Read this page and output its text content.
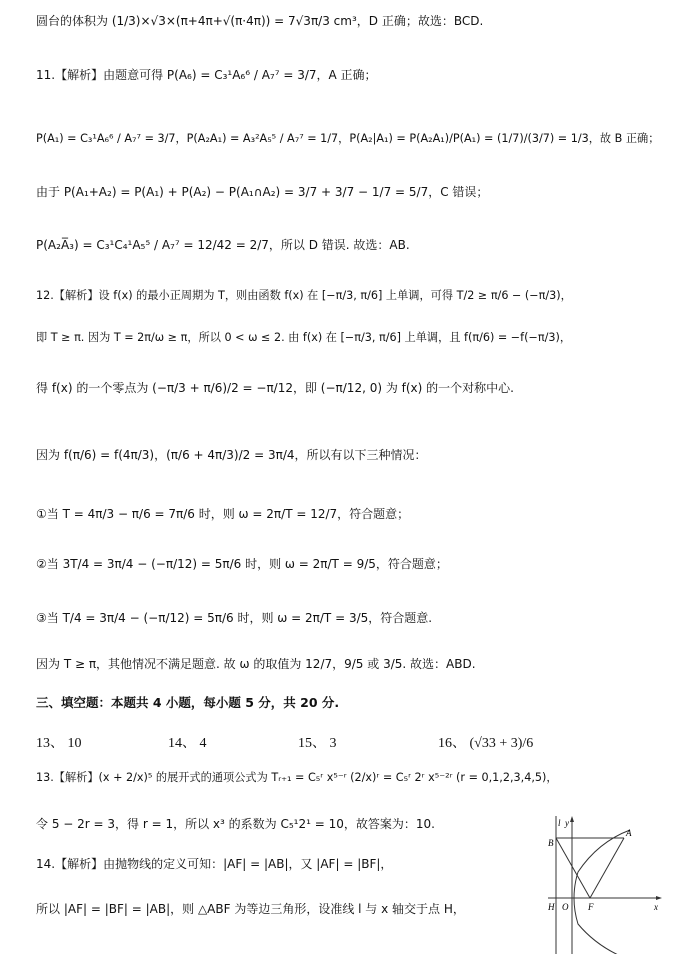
圆台的体积为 (1/3)×√3×(π+4π+√(π·4π)) = 7√3π/3 cm³，D 正确；故选：BCD.
11.【解析】由题意可得 P(A₆) = C₃¹A₆⁶ / A₇⁷ = 3/7，A 正确；
P(A₁) = C₃¹A₆⁶ / A₇⁷ = 3/7，P(A₂A₁) = A₃²A₅⁵ / A₇⁷ = 1/7，P(A₂|A₁) = P(A₂A₁)/P(A₁) = (1/7)/(3/7) = 1/3，故 B 正确；
由于 P(A₁+A₂) = P(A₁) + P(A₂) − P(A₁∩A₂) = 3/7 + 3/7 − 1/7 = 5/7，C 错误；
P(A₂A̅₃) = C₃¹C₄¹A₅⁵ / A₇⁷ = 12/42 = 2/7，所以 D 错误. 故选：AB.
12.【解析】设 f(x) 的最小正周期为 T，则由函数 f(x) 在 [−π/3, π/6] 上单调，可得 T/2 ≥ π/6 − (−π/3)，
即 T ≥ π. 因为 T = 2π/ω ≥ π，所以 0 < ω ≤ 2. 由 f(x) 在 [−π/3, π/6] 上单调，且 f(π/6) = −f(−π/3)，
得 f(x) 的一个零点为 (−π/3 + π/6)/2 = −π/12，即 (−π/12, 0) 为 f(x) 的一个对称中心.
因为 f(π/6) = f(4π/3)，(π/6 + 4π/3)/2 = 3π/4，所以有以下三种情况：
①当 T = 4π/3 − π/6 = 7π/6 时，则 ω = 2π/T = 12/7，符合题意；
②当 3T/4 = 3π/4 − (−π/12) = 5π/6 时，则 ω = 2π/T = 9/5，符合题意；
③当 T/4 = 3π/4 − (−π/12) = 5π/6 时，则 ω = 2π/T = 3/5，符合题意.
因为 T ≥ π，其他情况不满足题意. 故 ω 的取值为 12/7，9/5 或 3/5. 故选：ABD.
三、填空题：本题共 4 小题，每小题 5 分，共 20 分.
13、 10	14、 4	15、 3	16、 (√33 + 3)/6
13.【解析】(x + 2/x)⁵ 的展开式的通项公式为 Tᵣ₊₁ = C₅ʳ x⁵⁻ʳ (2/x)ʳ = C₅ʳ 2ʳ x⁵⁻²ʳ (r = 0,1,2,3,4,5)，
令 5 − 2r = 3，得 r = 1，所以 x³ 的系数为 C₅¹2¹ = 10，故答案为：10.
14.【解析】由抛物线的定义可知：|AF| = |AB|，又 |AF| = |BF|，
所以 |AF| = |BF| = |AB|，则 △ABF 为等边三角形，设准线 l 与 x 轴交于点 H，
l y
A
B
H O F	x
